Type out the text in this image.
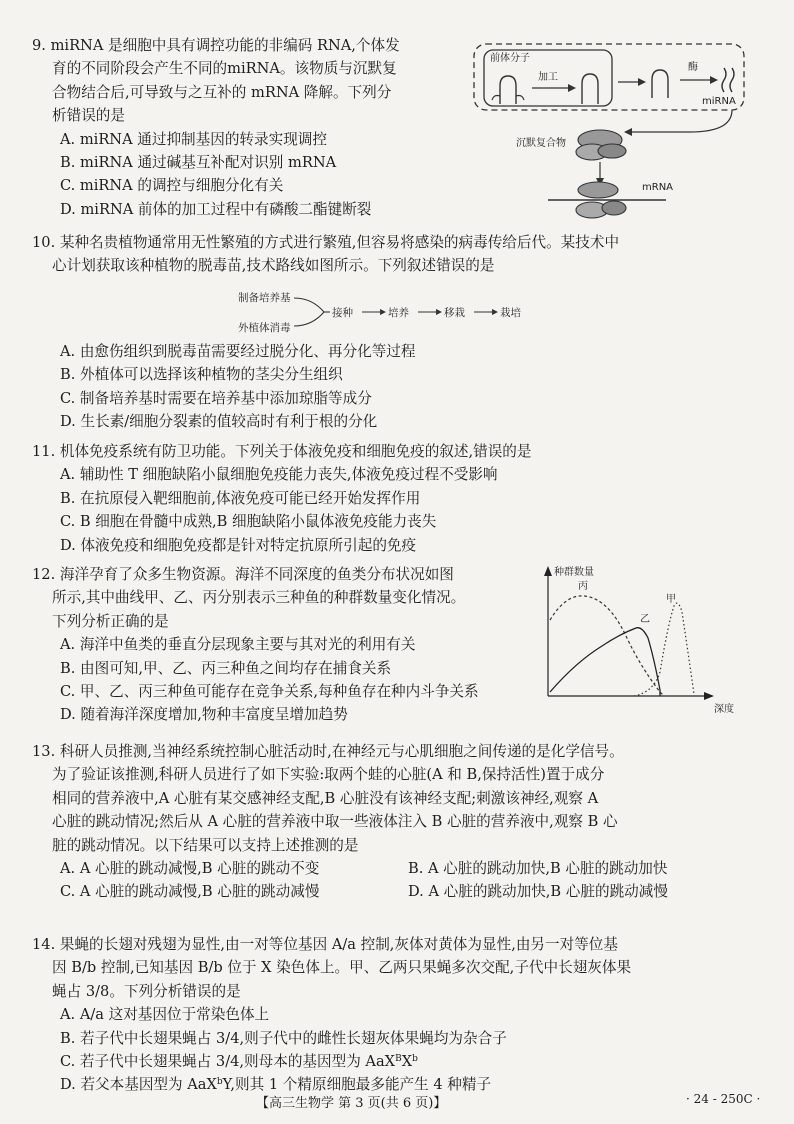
9. miRNA 是细胞中具有调控功能的非编码 RNA,个体发
育的不同阶段会产生不同的miRNA。该物质与沉默复
合物结合后,可导致与之互补的 mRNA 降解。下列分
析错误的是
A. miRNA 通过抑制基因的转录实现调控
B. miRNA 通过碱基互补配对识别 mRNA
C. miRNA 的调控与细胞分化有关
D. miRNA 前体的加工过程中有磷酸二酯键断裂
前体分子
加工
酶
miRNA
沉默复合物
mRNA
10. 某种名贵植物通常用无性繁殖的方式进行繁殖,但容易将感染的病毒传给后代。某技术中
心计划获取该种植物的脱毒苗,技术路线如图所示。下列叙述错误的是
制备培养基
外植体消毒
接种	培养	移栽	栽培
A. 由愈伤组织到脱毒苗需要经过脱分化、再分化等过程
B. 外植体可以选择该种植物的茎尖分生组织
C. 制备培养基时需要在培养基中添加琼脂等成分
D. 生长素/细胞分裂素的值较高时有利于根的分化
11. 机体免疫系统有防卫功能。下列关于体液免疫和细胞免疫的叙述,错误的是
A. 辅助性 T 细胞缺陷小鼠细胞免疫能力丧失,体液免疫过程不受影响
B. 在抗原侵入靶细胞前,体液免疫可能已经开始发挥作用
C. B 细胞在骨髓中成熟,B 细胞缺陷小鼠体液免疫能力丧失
D. 体液免疫和细胞免疫都是针对特定抗原所引起的免疫
12. 海洋孕育了众多生物资源。海洋不同深度的鱼类分布状况如图
所示,其中曲线甲、乙、丙分别表示三种鱼的种群数量变化情况。
下列分析正确的是
A. 海洋中鱼类的垂直分层现象主要与其对光的利用有关
B. 由图可知,甲、乙、丙三种鱼之间均存在捕食关系
C. 甲、乙、丙三种鱼可能存在竞争关系,每种鱼存在种内斗争关系
D. 随着海洋深度增加,物种丰富度呈增加趋势
种群数量
深度
丙
乙
甲
13. 科研人员推测,当神经系统控制心脏活动时,在神经元与心肌细胞之间传递的是化学信号。
为了验证该推测,科研人员进行了如下实验:取两个蛙的心脏(A 和 B,保持活性)置于成分
相同的营养液中,A 心脏有某交感神经支配,B 心脏没有该神经支配;刺激该神经,观察 A
心脏的跳动情况;然后从 A 心脏的营养液中取一些液体注入 B 心脏的营养液中,观察 B 心
脏的跳动情况。以下结果可以支持上述推测的是
A. A 心脏的跳动减慢,B 心脏的跳动不变	B. A 心脏的跳动加快,B 心脏的跳动加快
C. A 心脏的跳动减慢,B 心脏的跳动减慢	D. A 心脏的跳动加快,B 心脏的跳动减慢
14. 果蝇的长翅对残翅为显性,由一对等位基因 A/a 控制,灰体对黄体为显性,由另一对等位基
因 B/b 控制,已知基因 B/b 位于 X 染色体上。甲、乙两只果蝇多次交配,子代中长翅灰体果
蝇占 3/8。下列分析错误的是
A. A/a 这对基因位于常染色体上
B. 若子代中长翅果蝇占 3/4,则子代中的雌性长翅灰体果蝇均为杂合子
C. 若子代中长翅果蝇占 3/4,则母本的基因型为 $AaX^BX^b$
D. 若父本基因型为 AaX$^b$Y,则其 1 个精原细胞最多能产生 4 种精子
【高三生物学 第 3 页(共 6 页)】	· 24 - 250C ·
